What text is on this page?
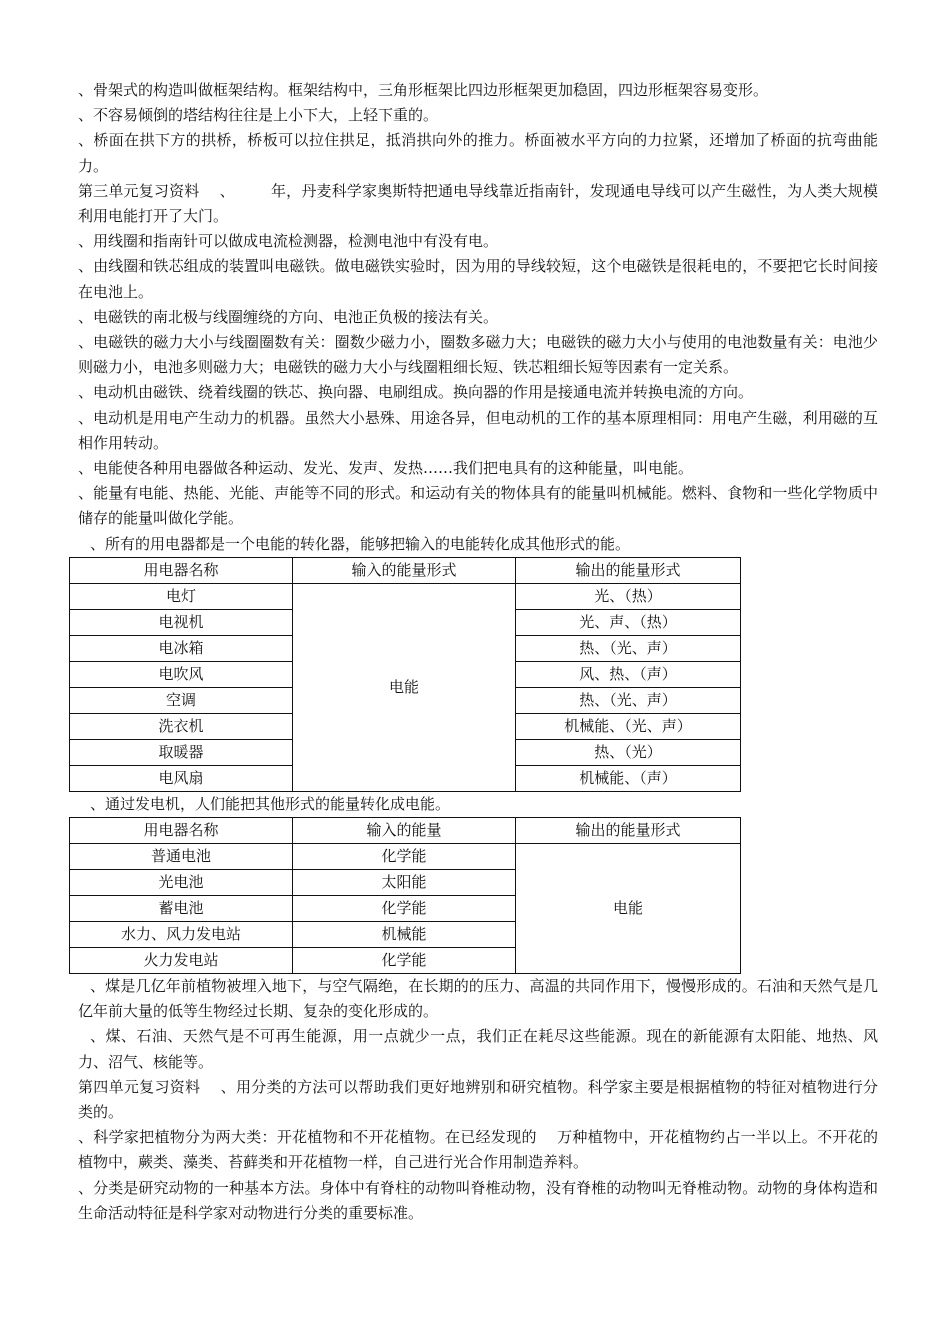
、骨架式的构造叫做框架结构。框架结构中，三角形框架比四边形框架更加稳固，四边形框架容易变形。

、不容易倾倒的塔结构往往是上小下大，上轻下重的。

、桥面在拱下方的拱桥，桥板可以拉住拱足，抵消拱向外的推力。桥面被水平方向的力拉紧，还增加了桥面的抗弯曲能力。

第三单元复习资料 、 年，丹麦科学家奥斯特把通电导线靠近指南针，发现通电导线可以产生磁性，为人类大规模利用电能打开了大门。

、用线圈和指南针可以做成电流检测器，检测电池中有没有电。

、由线圈和铁芯组成的装置叫电磁铁。做电磁铁实验时，因为用的导线较短，这个电磁铁是很耗电的，不要把它长时间接在电池上。

、电磁铁的南北极与线圈缠绕的方向、电池正负极的接法有关。

、电磁铁的磁力大小与线圈圈数有关：圈数少磁力小，圈数多磁力大；电磁铁的磁力大小与使用的电池数量有关：电池少则磁力小，电池多则磁力大；电磁铁的磁力大小与线圈粗细长短、铁芯粗细长短等因素有一定关系。

、电动机由磁铁、绕着线圈的铁芯、换向器、电刷组成。换向器的作用是接通电流并转换电流的方向。

、电动机是用电产生动力的机器。虽然大小悬殊、用途各异，但电动机的工作的基本原理相同：用电产生磁，利用磁的互相作用转动。

、电能使各种用电器做各种运动、发光、发声、发热……我们把电具有的这种能量，叫电能。

、能量有电能、热能、光能、声能等不同的形式。和运动有关的物体具有的能量叫机械能。燃料、食物和一些化学物质中储存的能量叫做化学能。

、所有的用电器都是一个电能的转化器，能够把输入的电能转化成其他形式的能。

用电器名称	输入的能量形式	输出的能量形式
电灯	电能	光、（热）
电视机		光、声、（热）
电冰箱		热、（光、声）
电吹风		风、热、（声）
空调		热、（光、声）
洗衣机		机械能、（光、声）
取暖器		热、（光）
电风扇		机械能、（声）

、通过发电机，人们能把其他形式的能量转化成电能。

用电器名称	输入的能量	输出的能量形式
普通电池	化学能	电能
光电池	太阳能	
蓄电池	化学能	
水力、风力发电站	机械能	
火力发电站	化学能	

、煤是几亿年前植物被埋入地下，与空气隔绝，在长期的的压力、高温的共同作用下，慢慢形成的。石油和天然气是几亿年前大量的低等生物经过长期、复杂的变化形成的。

、煤、石油、天然气是不可再生能源，用一点就少一点，我们正在耗尽这些能源。现在的新能源有太阳能、地热、风力、沼气、核能等。

第四单元复习资料 、用分类的方法可以帮助我们更好地辨别和研究植物。科学家主要是根据植物的特征对植物进行分类的。

、科学家把植物分为两大类：开花植物和不开花植物。在已经发现的 万种植物中，开花植物约占一半以上。不开花的植物中，蕨类、藻类、苔藓类和开花植物一样，自己进行光合作用制造养料。

、分类是研究动物的一种基本方法。身体中有脊柱的动物叫脊椎动物，没有脊椎的动物叫无脊椎动物。动物的身体构造和生命活动特征是科学家对动物进行分类的重要标准。
